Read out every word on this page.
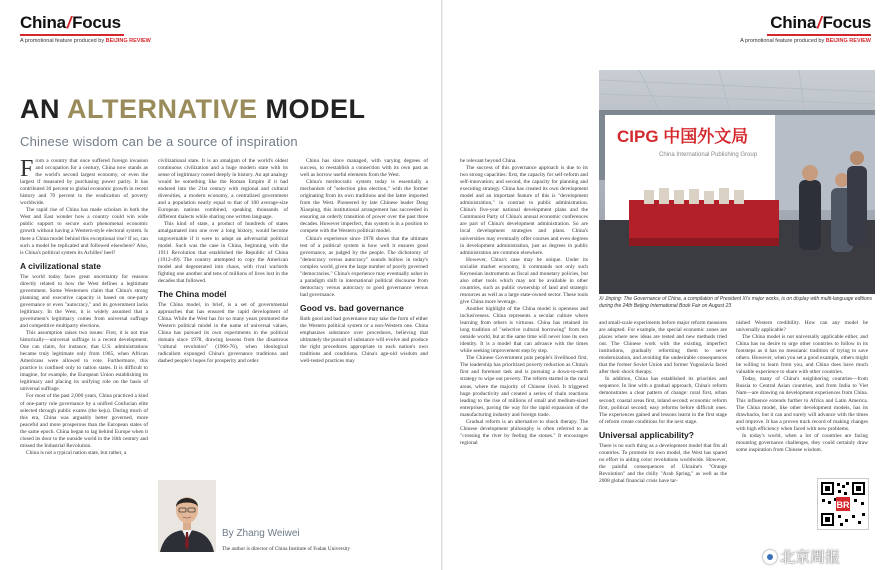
China/Focus
A promotional feature produced by BEIJING REVIEW
AN ALTERNATIVE MODEL
Chinese wisdom can be a source of inspiration

From a country that once suffered foreign invasion and occupation for a century, China now stands as the world's second largest economy, or even the largest if measured by purchasing power parity. It has contributed 30 percent to global economic growth in recent history and 70 percent to the eradication of poverty worldwide.

The rapid rise of China has made scholars in both the West and East wonder how a country could win wide public support to secure such phenomenal economic growth without having a Western-style electoral system. Is there a China model behind this exceptional rise? If so, can such a model be replicated and followed elsewhere? Also, is China's political system its Achilles' heel?

A civilizational state

The world today faces great uncertainty for reasons directly related to how the West defines a legitimate government. Some Westerners claim that China's strong planning and executive capacity is based on one-party governance or even "autocracy," and its government lacks legitimacy. In the West, it is widely assumed that a government's legitimacy comes from universal suffrage and competitive multiparty elections.

This assumption raises two issues: First, it is not true historically—universal suffrage is a recent development. One can claim, for instance, that U.S. administrations became truly legitimate only from 1965, when African Americans were allowed to vote. Furthermore, this practice is confined only to nation states. It is difficult to imagine, for example, the European Union establishing its legitimacy and placing its unifying role on the basis of universal suffrage.

For most of the past 2,000 years, China practiced a kind of one-party rule governance by a unified Confucian elite selected through public exams (the keju). During much of this era, China was arguably better governed, more peaceful and more prosperous than the European states of the same epoch. China began to lag behind Europe when it closed its door to the outside world in the 18th century and missed the Industrial Revolution.

China is not a typical nation state, but rather, a

civilizational state. It is an amalgam of the world's oldest continuous civilization and a huge modern state with its sense of legitimacy rooted deeply in history. An apt analogy would be something like the Roman Empire if it had endured into the 21st century with regional and cultural diversities, a modern economy, a centralized government and a population nearly equal to that of 100 average-size European nations combined, speaking thousands of different dialects while sharing one written language.

This kind of state, a product of hundreds of states amalgamated into one over a long history, would become ungovernable if it were to adopt an adversarial political model. Such was the case in China, beginning with the 1911 Revolution that established the Republic of China (1912-49). The country attempted to copy the American model and degenerated into chaos, with rival warlords fighting one another and tens of millions of lives lost in the decades that followed.

The China model

The China model, in brief, is a set of governmental approaches that has ensured the rapid development of China. While the West has for so many years promoted the Western political model in the name of universal values, China has pursued its own experiments in the political domain since 1978, drawing lessons from the disastrous "cultural revolution" (1966-76), when ideological radicalism expunged China's governance traditions and dashed people's hopes for prosperity and order.

China has since managed, with varying degrees of success, to reestablish a connection with its own past as well as borrow useful elements from the West.

China's meritocratic system today is essentially a mechanism of "selection plus election," with the former originating from its own traditions and the latter imported from the West. Pioneered by late Chinese leader Deng Xiaoping, this institutional arrangement has succeeded in ensuring an orderly transition of power over the past three decades. However imperfect, this system is in a position to compete with the Western political model.

China's experience since 1978 shows that the ultimate test of a political system is how well it ensures good governance, as judged by the people. The dichotomy of "democracy versus autocracy" sounds hollow in today's complex world, given the large number of poorly governed "democracies." China's experience may eventually usher in a paradigm shift in international political discourse from democracy versus autocracy to good governance versus bad governance.

Good vs. bad governance

Both good and bad governance may take the form of either the Western political system or a non-Western one. China emphasizes substance over procedures, believing that ultimately the pursuit of substance will evolve and produce the right procedures appropriate to each nation's own traditions and conditions. China's age-old wisdom and well-tested practices may

By Zhang Weiwei
The author is director of China Institute of Fudan University
China/Focus
A promotional feature produced by BEIJING REVIEW
CIPG 中国外文局
China International Publishing Group
Xi Jinping: The Governance of China, a compilation of President Xi's major works, is on display with multi-language editions during the 24th Beijing International Book Fair on August 23

be relevant beyond China.

The success of this governance approach is due to its two strong capacities: first, the capacity for self-reform and self-innovation; and second, the capacity for planning and executing strategy. China has created its own development model and an important feature of this is "development administration," in contrast to public administration. China's five-year national development plans and the Communist Party of China's annual economic conferences are part of China's development administration. So are local development strategies and plans. China's universities may eventually offer courses and even degrees in development administration, just as degrees in public administration are common elsewhere.

However, China's case may be unique. Under its socialist market economy, it commands not only such Keynesian instruments as fiscal and monetary policies, but also other tools which may not be available in other countries, such as public ownership of land and strategic resources as well as a large state-owned sector. These tools give China more leverage.

Another highlight of the China model is openness and inclusiveness. China represents a secular culture where learning from others is virtuous. China has retained its long tradition of "selective cultural borrowing" from the outside world, but at the same time will never lose its own identity. It is a model that can advance with the times while seeking improvement step by step.

The Chinese Government puts people's livelihood first. The leadership has prioritized poverty reduction as China's first and foremost task and is pursuing a down-to-earth strategy to wipe out poverty. The reform started in the rural areas, where the majority of Chinese lived. It triggered huge productivity and created a series of chain reactions leading to the rise of millions of small and medium-sized enterprises, paving the way for the rapid expansion of the manufacturing industry and foreign trade.

Gradual reform is an alternative to shock therapy. The Chinese development philosophy is often referred to as "crossing the river by feeling the stones." It encourages regional

and small-scale experiments before major reform measures are adopted. For example, the special economic zones are places where new ideas are tested and new methods tried out. The Chinese work with the existing, imperfect institutions, gradually reforming them to serve modernization, and avoiding the undesirable consequences that the former Soviet Union and former Yugoslavia faced after their shock therapy.

In addition, China has established its priorities and sequence. In line with a gradual approach, China's reform demonstrates a clear pattern of change: rural first, urban second; coastal areas first, inland second; economic reform first, political second; easy reforms before difficult ones. The experiences gained and lessons learnt in the first stage of reform create conditions for the next stage.

Universal applicability?

There is no such thing as a development model that fits all countries. To promote its own model, the West has spared no effort in aiding color revolutions worldwide. However, the painful consequences of Ukraine's "Orange Revolution" and the chilly "Arab Spring," as well as the 2008 global financial crisis have tar-

nished Western credibility. How can any model be universally applicable?

The China model is not universally applicable either, and China has no desire to urge other countries to follow in its footsteps as it has no messianic tradition of trying to save others. However, when you set a good example, others might be willing to learn from you, and China does have much valuable experience to share with other countries.

Today, many of China's neighboring countries—from Russia to Central Asian countries, and from India to Viet Nam—are drawing on development experiences from China. This influence extends further to Africa and Latin America. The China model, like other development models, has its drawbacks, but it can and surely will advance with the times and improve. It has a proven track record of making changes with high efficiency when faced with new problems.

In today's world, when a lot of countries are facing mounting governance challenges, they could certainly draw some inspiration from Chinese wisdom.

BR
北京周报
